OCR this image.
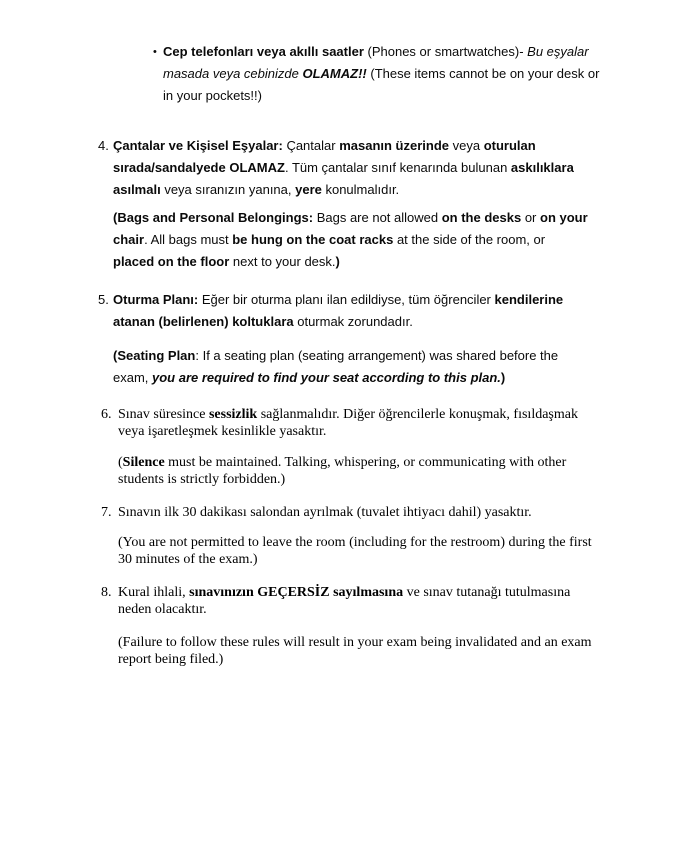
• Cep telefonları veya akıllı saatler (Phones or smartwatches)- Bu eşyalar
masada veya cebinizde OLAMAZ!! (These items cannot be on your desk or
in your pockets!!)
4. Çantalar ve Kişisel Eşyalar: Çantalar masanın üzerinde veya oturulan
sırada/sandalyede OLAMAZ. Tüm çantalar sınıf kenarında bulunan askılıklara
asılmalı veya sıranızın yanına, yere konulmalıdır.
(Bags and Personal Belongings: Bags are not allowed on the desks or on your
chair. All bags must be hung on the coat racks at the side of the room, or
placed on the floor next to your desk.)
5. Oturma Planı: Eğer bir oturma planı ilan edildiyse, tüm öğrenciler kendilerine
atanan (belirlenen) koltuklara oturmak zorundadır.
(Seating Plan: If a seating plan (seating arrangement) was shared before the
exam, you are required to find your seat according to this plan.)
6. Sınav süresince sessizlik sağlanmalıdır. Diğer öğrencilerle konuşmak, fısıldaşmak
veya işaretleşmek kesinlikle yasaktır.
(Silence must be maintained. Talking, whispering, or communicating with other
students is strictly forbidden.)
7. Sınavın ilk 30 dakikası salondan ayrılmak (tuvalet ihtiyacı dahil) yasaktır.
(You are not permitted to leave the room (including for the restroom) during the first
30 minutes of the exam.)
8. Kural ihlali, sınavınızın GEÇERSİZ sayılmasına ve sınav tutanağı tutulmasına
neden olacaktır.
(Failure to follow these rules will result in your exam being invalidated and an exam
report being filed.)
